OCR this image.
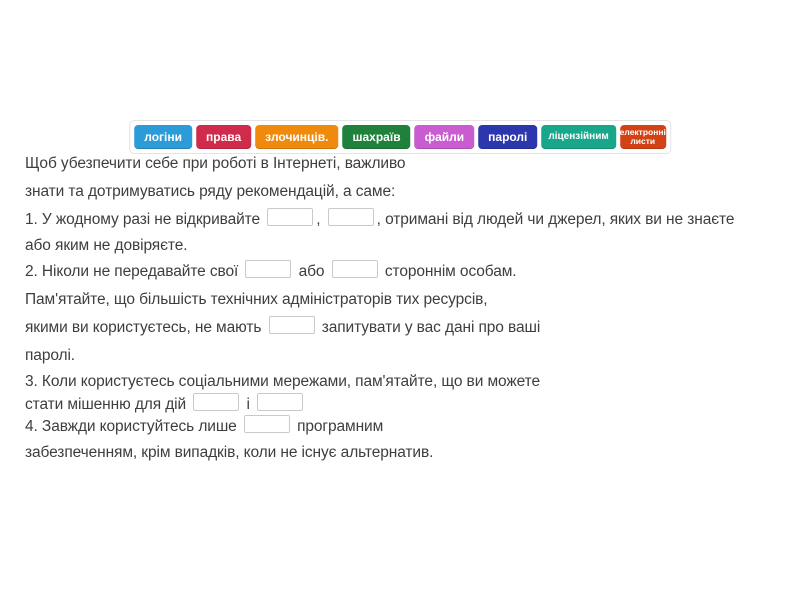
логіни	права	злочинців.	шахраїв	файли	паролі	ліцензійним	електронні листи
Щоб убезпечити себе при роботі в Інтернеті, важливо
знати та дотримуватись ряду рекомендацій, а саме:
1. У жодному разі не відкривайте	,	, отримані від людей чи джерел, яких ви не знаєте
або яким не довіряєте.
2. Ніколи не передавайте свої	або	стороннім особам.
Пам'ятайте, що більшість технічних адміністраторів тих ресурсів,
якими ви користуєтесь, не мають	запитувати у вас дані про ваші
паролі.
3. Коли користуєтесь соціальними мережами, пам'ятайте, що ви можете
стати мішенню для дій	і
4. Завжди користуйтесь лише	програмним
забезпеченням, крім випадків, коли не існує альтернатив.
